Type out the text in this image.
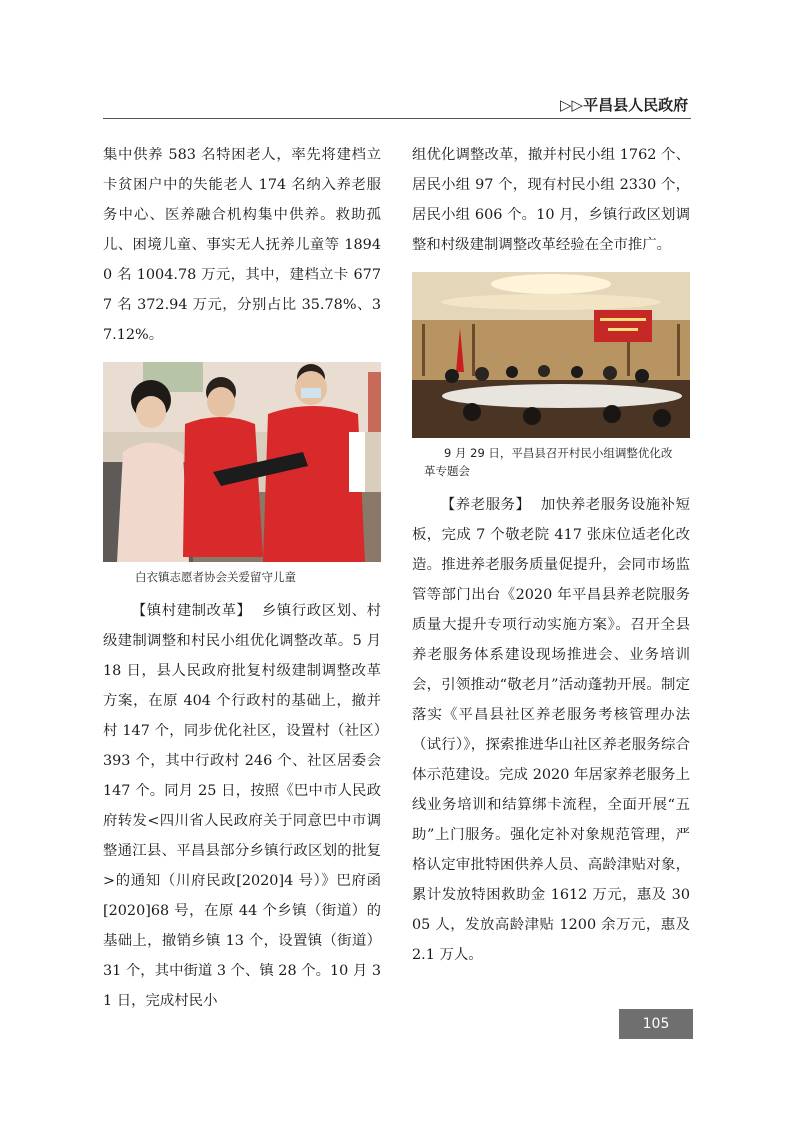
▷▷平昌县人民政府

集中供养 583 名特困老人，率先将建档立卡贫困户中的失能老人 174 名纳入养老服务中心、医养融合机构集中供养。救助孤儿、困境儿童、事实无人抚养儿童等 18940 名 1004.78 万元，其中，建档立卡 6777 名 372.94 万元，分别占比 35.78%、37.12%。

白衣镇志愿者协会关爱留守儿童

【镇村建制改革】 乡镇行政区划、村级建制调整和村民小组优化调整改革。5 月 18 日，县人民政府批复村级建制调整改革方案，在原 404 个行政村的基础上，撤并村 147 个，同步优化社区，设置村（社区）393 个，其中行政村 246 个、社区居委会 147 个。同月 25 日，按照《巴中市人民政府转发<四川省人民政府关于同意巴中市调整通江县、平昌县部分乡镇行政区划的批复>的通知（川府民政[2020]4 号）》巴府函[2020]68 号，在原 44 个乡镇（街道）的基础上，撤销乡镇 13 个，设置镇（街道）31 个，其中街道 3 个、镇 28 个。10 月 31 日，完成村民小

组优化调整改革，撤并村民小组 1762 个、居民小组 97 个，现有村民小组 2330 个，居民小组 606 个。10 月，乡镇行政区划调整和村级建制调整改革经验在全市推广。

9 月 29 日，平昌县召开村民小组调整优化改革专题会

【养老服务】 加快养老服务设施补短板，完成 7 个敬老院 417 张床位适老化改造。推进养老服务质量促提升，会同市场监管等部门出台《2020 年平昌县养老院服务质量大提升专项行动实施方案》。召开全县养老服务体系建设现场推进会、业务培训会，引领推动“敬老月”活动蓬勃开展。制定落实《平昌县社区养老服务考核管理办法（试行）》，探索推进华山社区养老服务综合体示范建设。完成 2020 年居家养老服务上线业务培训和结算绑卡流程，全面开展“五助”上门服务。强化定补对象规范管理，严格认定审批特困供养人员、高龄津贴对象，累计发放特困救助金 1612 万元，惠及 3005 人，发放高龄津贴 1200 余万元，惠及 2.1 万人。

105
